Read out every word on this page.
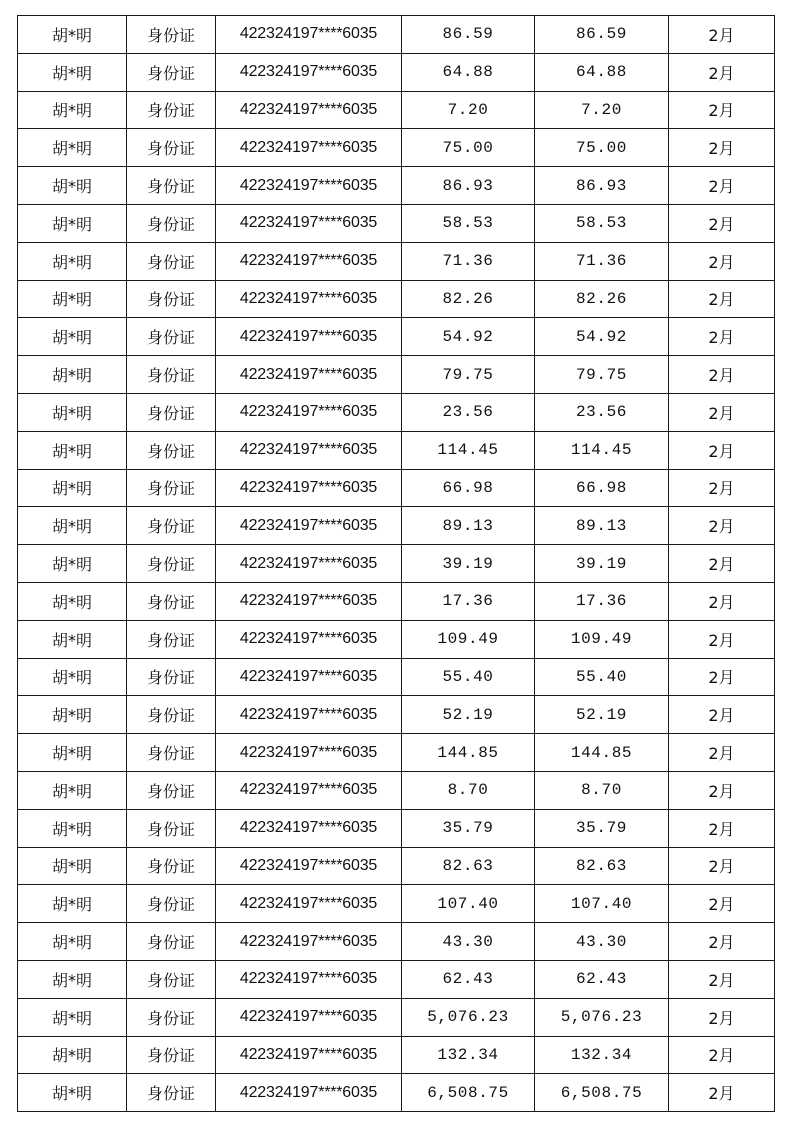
胡*明	身份证	422324197****6035	86.59	86.59	2月
胡*明	身份证	422324197****6035	64.88	64.88	2月
胡*明	身份证	422324197****6035	7.20	7.20	2月
胡*明	身份证	422324197****6035	75.00	75.00	2月
胡*明	身份证	422324197****6035	86.93	86.93	2月
胡*明	身份证	422324197****6035	58.53	58.53	2月
胡*明	身份证	422324197****6035	71.36	71.36	2月
胡*明	身份证	422324197****6035	82.26	82.26	2月
胡*明	身份证	422324197****6035	54.92	54.92	2月
胡*明	身份证	422324197****6035	79.75	79.75	2月
胡*明	身份证	422324197****6035	23.56	23.56	2月
胡*明	身份证	422324197****6035	114.45	114.45	2月
胡*明	身份证	422324197****6035	66.98	66.98	2月
胡*明	身份证	422324197****6035	89.13	89.13	2月
胡*明	身份证	422324197****6035	39.19	39.19	2月
胡*明	身份证	422324197****6035	17.36	17.36	2月
胡*明	身份证	422324197****6035	109.49	109.49	2月
胡*明	身份证	422324197****6035	55.40	55.40	2月
胡*明	身份证	422324197****6035	52.19	52.19	2月
胡*明	身份证	422324197****6035	144.85	144.85	2月
胡*明	身份证	422324197****6035	8.70	8.70	2月
胡*明	身份证	422324197****6035	35.79	35.79	2月
胡*明	身份证	422324197****6035	82.63	82.63	2月
胡*明	身份证	422324197****6035	107.40	107.40	2月
胡*明	身份证	422324197****6035	43.30	43.30	2月
胡*明	身份证	422324197****6035	62.43	62.43	2月
胡*明	身份证	422324197****6035	5,076.23	5,076.23	2月
胡*明	身份证	422324197****6035	132.34	132.34	2月
胡*明	身份证	422324197****6035	6,508.75	6,508.75	2月
